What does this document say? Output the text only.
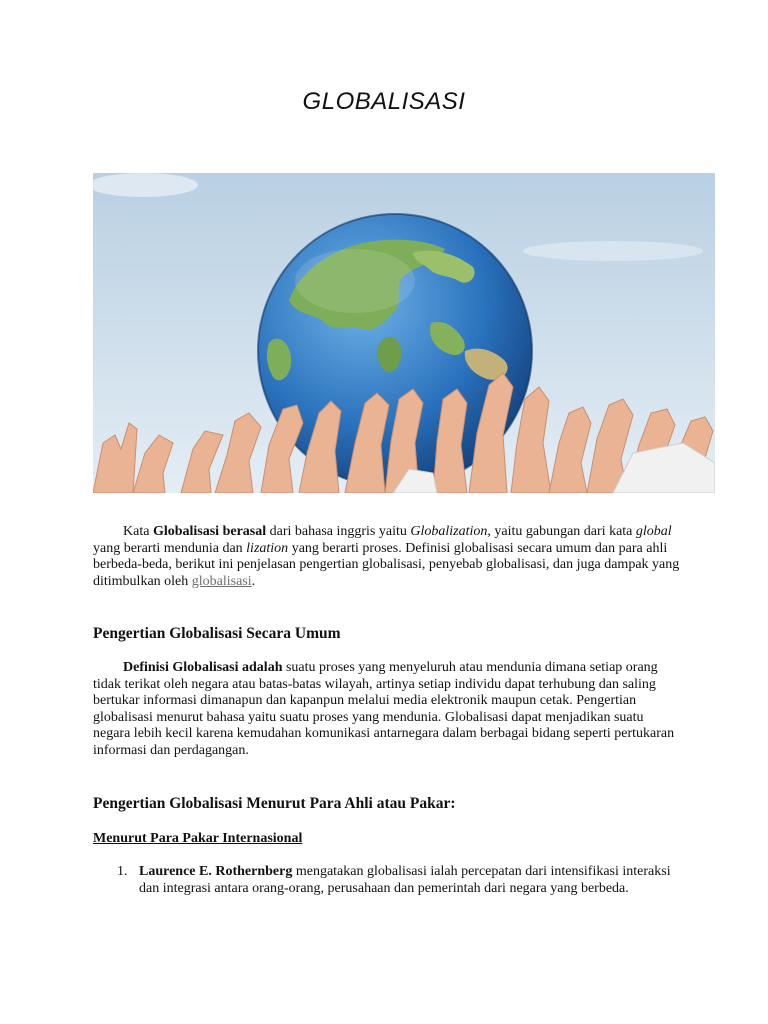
GLOBALISASI

Kata Globalisasi berasal dari bahasa inggris yaitu Globalization, yaitu gabungan dari kata global yang berarti mendunia dan lization yang berarti proses. Definisi globalisasi secara umum dan para ahli berbeda-beda, berikut ini penjelasan pengertian globalisasi, penyebab globalisasi, dan juga dampak yang ditimbulkan oleh globalisasi.

Pengertian Globalisasi Secara Umum

Definisi Globalisasi adalah suatu proses yang menyeluruh atau mendunia dimana setiap orang tidak terikat oleh negara atau batas-batas wilayah, artinya setiap individu dapat terhubung dan saling bertukar informasi dimanapun dan kapanpun melalui media elektronik maupun cetak. Pengertian globalisasi menurut bahasa yaitu suatu proses yang mendunia. Globalisasi dapat menjadikan suatu negara lebih kecil karena kemudahan komunikasi antarnegara dalam berbagai bidang seperti pertukaran informasi dan perdagangan.

Pengertian Globalisasi Menurut Para Ahli atau Pakar:
Menurut Para Pakar Internasional
1. Laurence E. Rothernberg mengatakan globalisasi ialah percepatan dari intensifikasi interaksi dan integrasi antara orang-orang, perusahaan dan pemerintah dari negara yang berbeda.
